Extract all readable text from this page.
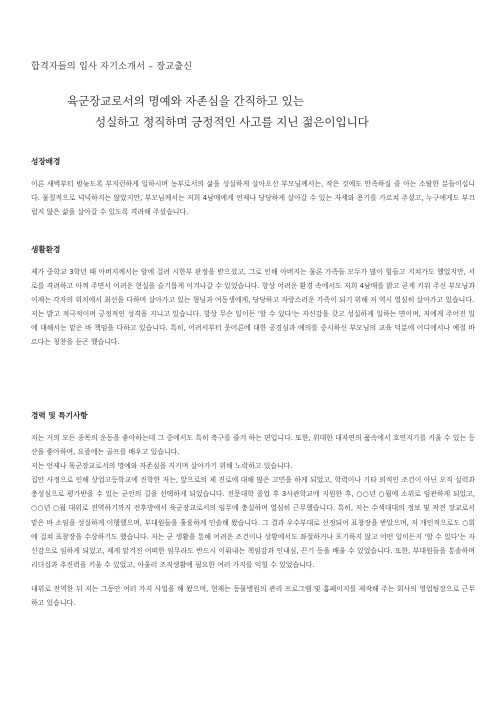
합격자들의 입사 자기소개서 – 장교출신
육군장교로서의 명예와 자존심을 간직하고 있는
성실하고 정직하며 긍정적인 사고를 지닌 젊은이입니다
성장배경

이른 새벽부터 밤늦도록 부지런하게 일하시며 농부로서의 삶을 성실하게 살아오신 부모님께서는, 작은 것에도 만족하실 줄 아는 소탈한 분들이십니다. 물질적으로 넉넉하지는 않았지만, 부모님께서는 저희 4남매에게 언제나 당당하게 살아갈 수 있는 자세와 용기를 가르쳐 주셨고, 누구에게도 부끄럽지 않은 삶을 살아갈 수 있도록 격려해 주셨습니다.

생활환경

제가 중학교 3학년 때 아버지께서는 암에 걸려 시한부 판정을 받으셨고, 그로 인해 아버지는 물론 가족들 모두가 많이 힘들고 지쳐가도 했었지만, 서로를 격려하고 아껴 주면서 어려운 현실을 슬기롭게 이겨나갈 수 있었습니다. 항상 어려운 환경 속에서도 저희 4남매를 밝고 곧게 키워 주신 부모님과 이제는 각자의 위치에서 최선을 다하며 살아가고 있는 형님과 여동생에게, 당당하고 자랑스러운 가족이 되기 위해 저 역시 열심히 살아가고 있습니다.

저는 밝고 적극적이며 긍정적인 성격을 지니고 있습니다. 항상 무슨 일이든 '할 수 있다'는 자신감을 갖고 성실하게 일하는 면이며, 저에게 주어진 일에 대해서는 맡은 바 책임을 다하고 있습니다. 특히, 어려서부터 웃어른에 대한 공경심과 예의를 중시하신 부모님의 교육 덕분에 어디에서나 예절 바르다는 칭찬을 듣곤 했습니다.

경력 및 특기사항

저는 거의 모든 종목의 운동을 좋아하는데 그 중에서도 특히 축구를 즐겨 하는 편입니다. 또한, 위대한 대자연의 품속에서 호연지기를 키울 수 있는 등산을 좋아하며, 요즘에는 골프를 배우고 있습니다.

저는 언제나 육군장교로서의 명예와 자존심을 지키며 살아가기 위해 노력하고 있습니다.

집안 사정으로 인해 상업고등학교에 진학한 저는, 앞으로의 제 진로에 대해 많은 고민을 하게 되었고, 학력이나 기타 외적인 조건이 아닌 오직 실력과 충성심으로 평가받을 수 있는 군인의 길을 선택하게 되었습니다. 전문대학 졸업 후 3사관학교에 지원한 후, ○○년 ○월에 소위로 임관하게 되었고, ○○년 ○월 대위로 전역하기까지 전후방에서 육군장교로서의 임무에 충실하며 열심히 근무했습니다. 특히, 저는 수색대대의 정보 및 작전 장교로서 맡은 바 소임을 성실하게 이행했으며, 부대원들을 훌륭하게 인솔해 왔습니다. 그 결과 우수부대로 선정되어 표창장을 받았으며, 저 개인적으로도 ○회에 걸쳐 표창장을 수상하기도 했습니다. 저는 군 생활을 통해 어려운 조건이나 상황에서도 좌절하거나 포기하지 않고 어떤 일이든지 '할 수 있다'는 자신감으로 임하게 되었고, 제게 맡겨진 어떠한 임무라도 반드시 이뤄내는 책임감과 인내심, 끈기 등을 배울 수 있었습니다. 또한, 부대원들을 통솔하며 리더십과 추진력을 키울 수 있었고, 아울러 조직생활에 필요한 여러 가지를 익힐 수 있었습니다.

대위로 전역한 뒤 저는 그동안 여러 가지 사업을 해 왔으며, 현재는 동물병원의 관리 프로그램 및 홈페이지를 제작해 주는 회사의 영업팀장으로 근무하고 있습니다.
